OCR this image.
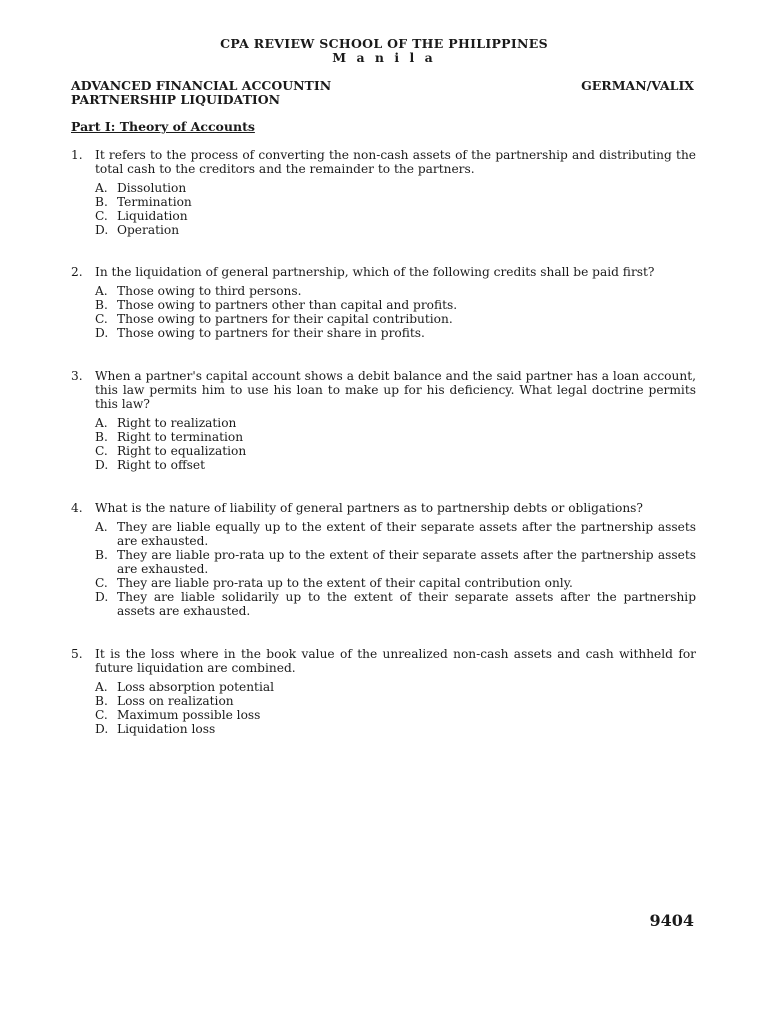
CPA REVIEW SCHOOL OF THE PHILIPPINES
M a n i l a
ADVANCED FINANCIAL ACCOUNTIN	GERMAN/VALIX
PARTNERSHIP LIQUIDATION
Part I: Theory of Accounts
1. It refers to the process of converting the non-cash assets of the partnership and distributing the total cash to the creditors and the remainder to the partners.
A. Dissolution
B. Termination
C. Liquidation
D. Operation
2. In the liquidation of general partnership, which of the following credits shall be paid first?
A. Those owing to third persons.
B. Those owing to partners other than capital and profits.
C. Those owing to partners for their capital contribution.
D. Those owing to partners for their share in profits.
3. When a partner's capital account shows a debit balance and the said partner has a loan account, this law permits him to use his loan to make up for his deficiency. What legal doctrine permits this law?
A. Right to realization
B. Right to termination
C. Right to equalization
D. Right to offset
4. What is the nature of liability of general partners as to partnership debts or obligations?
A. They are liable equally up to the extent of their separate assets after the partnership assets are exhausted.
B. They are liable pro-rata up to the extent of their separate assets after the partnership assets are exhausted.
C. They are liable pro-rata up to the extent of their capital contribution only.
D. They are liable solidarily up to the extent of their separate assets after the partnership assets are exhausted.
5. It is the loss where in the book value of the unrealized non-cash assets and cash withheld for future liquidation are combined.
A. Loss absorption potential
B. Loss on realization
C. Maximum possible loss
D. Liquidation loss
9404
